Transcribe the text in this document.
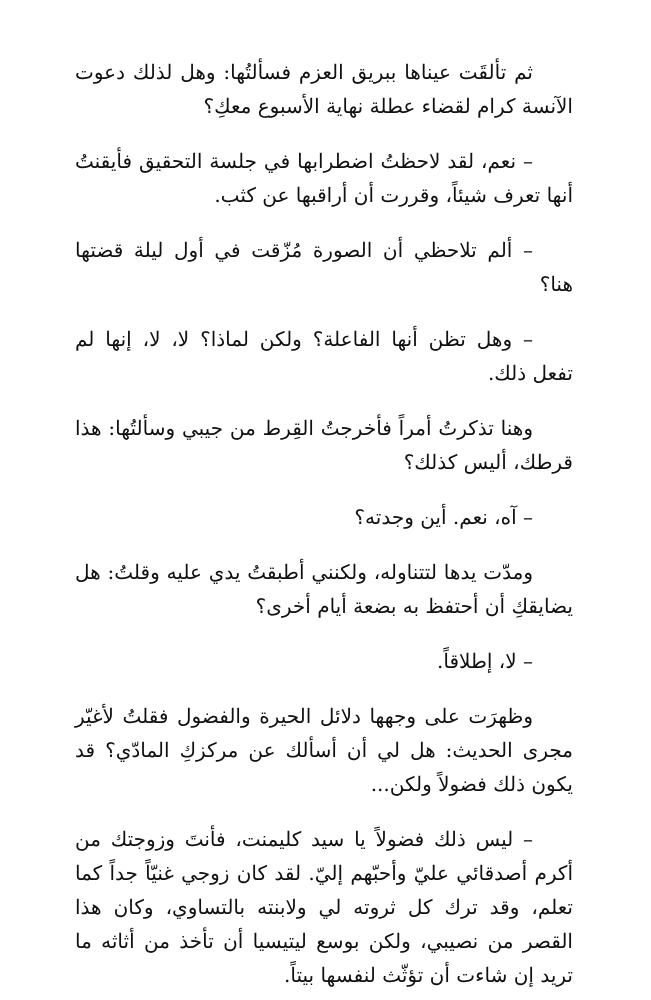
ثم تألقَت عيناها ببريق العزم فسألتُها: وهل لذلك دعوت الآنسة كرام لقضاء عطلة نهاية الأسبوع معكِ؟

– نعم، لقد لاحظتُ اضطرابها في جلسة التحقيق فأيقنتُ أنها تعرف شيئاً، وقررت أن أراقبها عن كثب.

– ألم تلاحظي أن الصورة مُزّقت في أول ليلة قضتها هنا؟

– وهل تظن أنها الفاعلة؟ ولكن لماذا؟ لا، لا، إنها لم تفعل ذلك.

وهنا تذكرتُ أمراً فأخرجتُ القِرط من جيبي وسألتُها: هذا قرطك، أليس كذلك؟

– آه، نعم. أين وجدته؟

ومدّت يدها لتتناوله، ولكنني أطبقتُ يدي عليه وقلتُ: هل يضايقكِ أن أحتفظ به بضعة أيام أخرى؟

– لا، إطلاقاً.

وظهرَت على وجهها دلائل الحيرة والفضول فقلتُ لأغيّر مجرى الحديث: هل لي أن أسألك عن مركزكِ المادّي؟ قد يكون ذلك فضولاً ولكن...

– ليس ذلك فضولاً يا سيد كليمنت، فأنتَ وزوجتك من أكرم أصدقائي عليّ وأحبّهم إليّ. لقد كان زوجي غنيّاً جداً كما تعلم، وقد ترك كل ثروته لي ولابنته بالتساوي، وكان هذا القصر من نصيبي، ولكن بوسع ليتيسيا أن تأخذ من أثاثه ما تريد إن شاءت أن تؤثّث لنفسها بيتاً.
